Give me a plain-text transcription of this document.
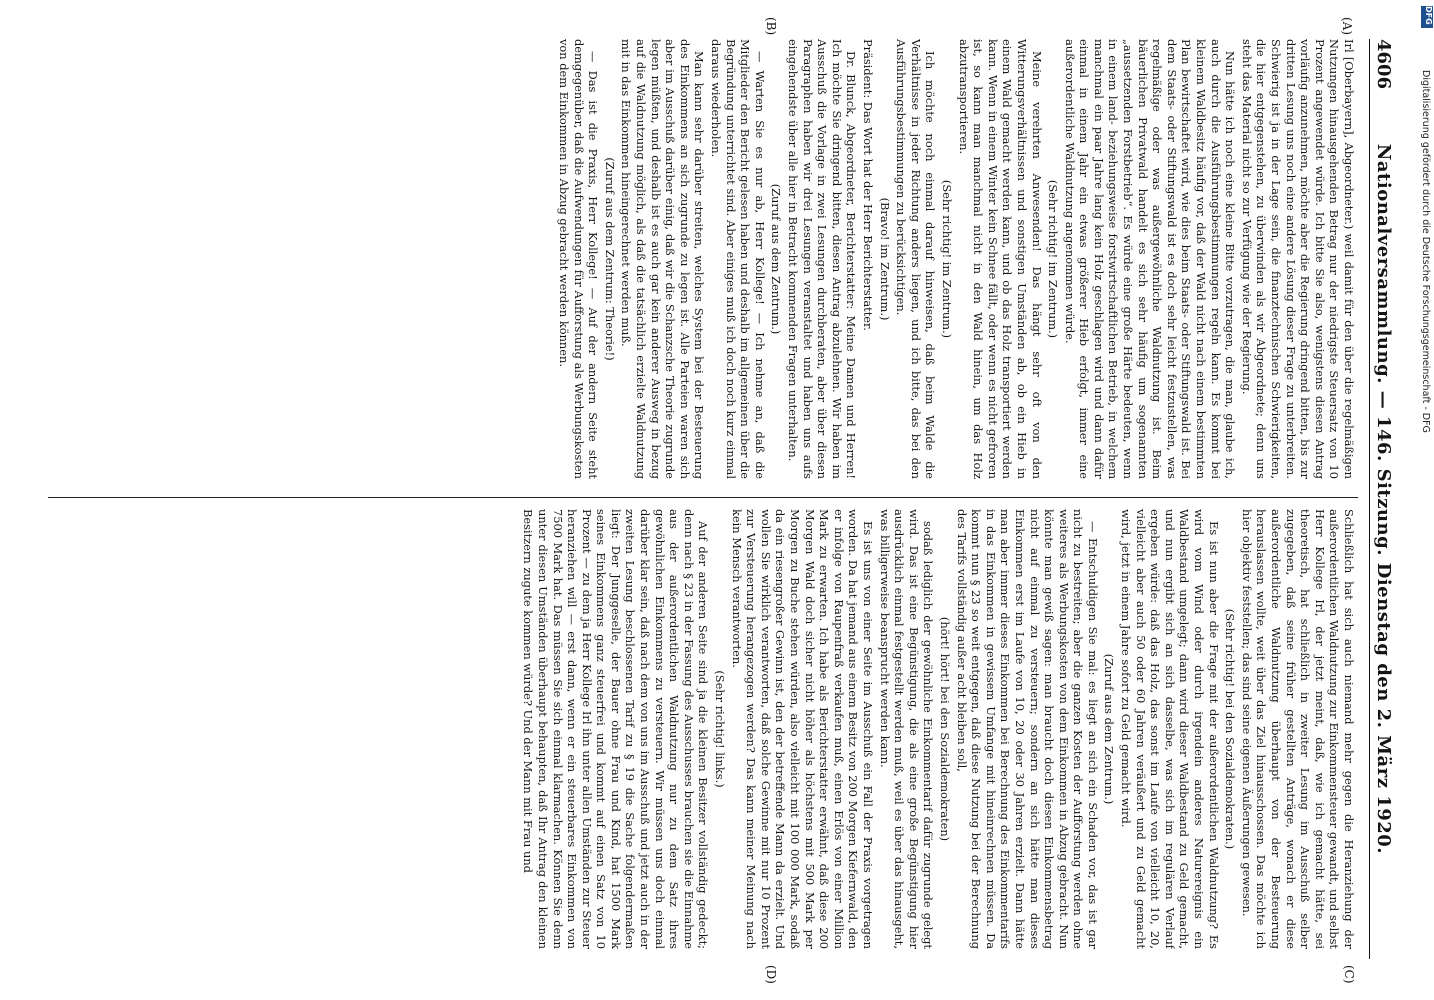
4606
Nationalversammlung. — 146. Sitzung. Dienstag den 2. März 1920.
(A)
(B)
(C)
(D)

Irl [Oberbayern], Abgeordneter.) weil damit für den über die regelmäßigen Nutzungen hinausgehenden Betrag nur der niedrigste Steuersatz von 10 Prozent angewendet würde. Ich bitte Sie also, wenigstens diesen Antrag vorläufig anzunehmen, möchte aber die Regierung dringend bitten, bis zur dritten Lesung uns noch eine andere Lösung dieser Frage zu unterbreiten. Schwierig ist ja in der Lage sein, die finanztechnischen Schwierigkeiten, die hier entgegenstehen, zu überwinden als wir Abgeordnete; denn uns steht das Material nicht so zur Verfügung wie der Regierung.

Nun hätte ich noch eine kleine Bitte vorzutragen, die man, glaube ich, auch durch die Ausführungsbestimmungen regeln kann. Es kommt bei kleinem Waldbesitz häufig vor, daß der Wald nicht nach einem bestimmten Plan bewirtschaftet wird, wie dies beim Staats- oder Stiftungswald ist. Bei dem Staats- oder Stiftungswald ist es doch sehr leicht festzustellen, was regelmäßige oder was außergewöhnliche Waldnutzung ist. Beim bäuerlichen Privatwald handelt es sich sehr häufig um sogenannten „aussetzenden Forstbetrieb“. Es würde eine große Härte bedeuten, wenn in einem land- beziehungsweise forstwirtschaftlichen Betrieb, in welchem manchmal ein paar Jahre lang kein Holz geschlagen wird und dann dafür einmal in einem Jahr ein etwas größerer Hieb erfolgt, immer eine außerordentliche Waldnutzung angenommen würde.

(Sehr richtig! im Zentrum.)

Meine verehrten Anwesenden! Das hängt sehr oft von den Witterungsverhältnissen und sonstigen Umständen ab, ob ein Hieb in einem Wald gemacht werden kann, und ob das Holz transportiert werden kann. Wenn in einem Winter kein Schnee fällt, oder wenn es nicht gefroren ist, so kann man manchmal nicht in den Wald hinein, um das Holz abzutransportieren.

(Sehr richtig! im Zentrum.)

Ich möchte noch einmal darauf hinweisen, daß beim Walde die Verhältnisse in jeder Richtung anders liegen, und ich bitte, das bei den Ausführungsbestimmungen zu berücksichtigen.

(Bravo! im Zentrum.)

Präsident: Das Wort hat der Herr Berichterstatter.

Dr. Blunck, Abgeordneter, Berichterstatter: Meine Damen und Herren! Ich möchte Sie dringend bitten, diesen Antrag abzulehnen. Wir haben im Ausschuß die Vorlage in zwei Lesungen durchberaten, aber über diesen Paragraphen haben wir drei Lesungen veranstaltet und haben uns aufs eingehendste über alle hier in Betracht kommenden Fragen unterhalten.

(Zuruf aus dem Zentrum.)

— Warten Sie es nur ab, Herr Kollege! — Ich nehme an, daß die Mitglieder den Bericht gelesen haben und deshalb im allgemeinen über die Begründung unterrichtet sind. Aber einiges muß ich doch noch kurz einmal daraus wiederholen.

Man kann sehr darüber streiten, welches System bei der Besteuerung des Einkommens an sich zugrunde zu legen ist. Alle Parteien waren sich aber im Ausschuß darüber einig, daß wir die Schanzsche Theorie zugrunde legen müßten, und deshalb ist es auch gar kein anderer Ausweg in bezug auf die Waldnutzung möglich, als daß die tatsächlich erzielte Waldnutzung mit in das Einkommen hineingerechnet werden muß.

(Zuruf aus dem Zentrum: Theorie!)

— Das ist die Praxis, Herr Kollege! — Auf der andern Seite steht demgegenüber, daß die Aufwendungen für Aufforstung als Werbungskosten von dem Einkommen in Abzug gebracht werden können.

Schließlich hat sich auch niemand mehr gegen die Heranziehung der außerordentlichen Waldnutzung zur Einkommensteuer gewandt, und selbst Herr Kollege Irl, der jetzt meint, daß, wie ich gemacht hätte, sei theoretisch, hat schließlich in zweiter Lesung im Ausschuß selber zugegeben, daß seine früher gestellten Anträge, wonach er diese außerordentliche Waldnutzung überhaupt von der Besteuerung herauslassen wollte, weit über das Ziel hinausschossen. Das möchte ich hier objektiv feststellen; das sind seine eigenen Äußerungen gewesen.

(Sehr richtig! bei den Sozialdemokraten.)

Es ist nun aber die Frage mit der außerordentlichen Waldnutzung? Es wird vom Wind oder durch irgendein anderes Naturereignis ein Waldbestand umgelegt; dann wird dieser Waldbestand zu Geld gemacht, und nun ergibt sich an sich dasselbe, was sich im regulären Verlauf ergeben würde: daß das Holz, das sonst im Laufe von vielleicht 10, 20, vielleicht aber auch 50 oder 60 Jahren veräußert und zu Geld gemacht wird, jetzt in einem Jahre sofort zu Geld gemacht wird.

(Zuruf aus dem Zentrum.)

— Entschuldigen Sie mal: es liegt an sich ein Schaden vor, das ist gar nicht zu bestreiten; aber die ganzen Kosten der Aufforstung werden ohne weiteres als Werbungskosten von dem Einkommen in Abzug gebracht. Nun könnte man gewiß sagen: man braucht doch diesen Einkommensbetrag nicht auf einmal zu versteuern; sondern an sich hätte man dieses Einkommen erst im Laufe von 10, 20 oder 30 Jahren erzielt. Dann hätte man aber immer dieses Einkommen bei Berechnung des Einkommentarifs in das Einkommen in gewissem Umfange mit hineinrechnen müssen. Da kommt nun § 23 so weit entgegen, daß diese Nutzung bei der Berechnung des Tarifs vollständig außer acht bleiben soll,

(hört! hört! bei den Sozialdemokraten)

sodaß lediglich der gewöhnliche Einkommentarif dafür zugrunde gelegt wird. Das ist eine Begünstigung, die als eine große Begünstigung hier ausdrücklich einmal festgestellt werden muß, weil es über das hinausgeht, was billigerweise beansprucht werden kann.

Es ist uns von einer Seite im Ausschuß ein Fall der Praxis vorgetragen worden. Da hat jemand aus einem Besitz von 200 Morgen Kiefernwald, den er infolge von Raupenfraß verkaufen muß, einen Erlös von einer Million Mark zu erwarten. Ich habe als Berichterstatter erwähnt, daß diese 200 Morgen Wald doch sicher nicht höher als höchstens mit 500 Mark per Morgen zu Buche stehen würden, also vielleicht mit 100 000 Mark, sodaß da ein riesengroßer Gewinn ist, den der betreffende Mann da erzielt. Und wollen Sie wirklich verantworten, daß solche Gewinne mit nur 10 Prozent zur Versteuerung herangezogen werden? Das kann meiner Meinung nach kein Mensch verantworten.

(Sehr richtig! links.)

Auf der anderen Seite sind ja die kleinen Besitzer vollständig gedeckt; denn nach § 23 in der Fassung des Ausschusses brauchen sie die Einnahme aus der außerordentlichen Waldnutzung nur zu dem Satz ihres gewöhnlichen Einkommens zu versteuern. Wir müssen uns doch einmal darüber klar sein, daß nach dem von uns im Ausschuß und jetzt auch in der zweiten Lesung beschlossenen Tarif zu § 19 die Sache folgendermaßen liegt: Der Junggeselle, der Bauer ohne Frau und Kind, hat 1500 Mark seines Einkommens ganz steuerfrei und kommt auf einen Satz von 10 Prozent — zu dem ja Herr Kollege Irl ihn unter allen Umständen zur Steuer heranziehen will — erst dann, wenn er ein steuerbares Einkommen von 7500 Mark hat. Das müssen Sie sich einmal klarmachen. Können Sie denn unter diesen Umständen überhaupt behaupten, daß Ihr Antrag den kleinen Besitzern zugute kommen würde? Und der Mann mit Frau und

Digitalisierung gefördert durch die Deutsche Forschungsgemeinschaft - DFG
DFG
